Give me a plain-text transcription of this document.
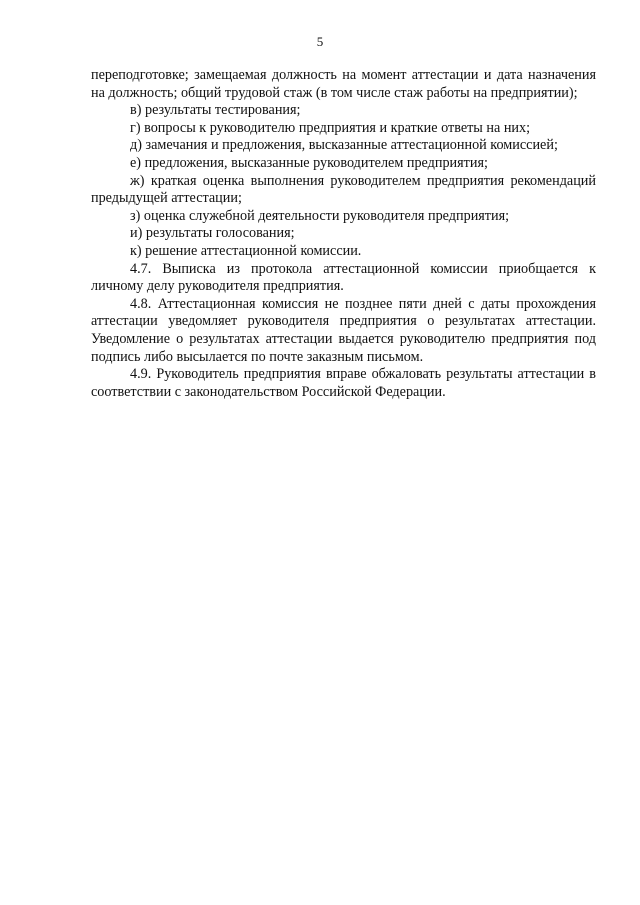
5

переподготовке; замещаемая должность на момент аттестации и дата назначения на должность; общий трудовой стаж (в том числе стаж работы на предприятии);

в) результаты тестирования;

г) вопросы к руководителю предприятия и краткие ответы на них;

д) замечания и предложения, высказанные аттестационной комиссией;

е) предложения, высказанные руководителем предприятия;

ж) краткая оценка выполнения руководителем предприятия рекомендаций предыдущей аттестации;

з) оценка служебной деятельности руководителя предприятия;

и) результаты голосования;

к) решение аттестационной комиссии.

4.7. Выписка из протокола аттестационной комиссии приобщается к личному делу руководителя предприятия.

4.8. Аттестационная комиссия не позднее пяти дней с даты прохождения аттестации уведомляет руководителя предприятия о результатах аттестации. Уведомление о результатах аттестации выдается руководителю предприятия под подпись либо высылается по почте заказным письмом.

4.9. Руководитель предприятия вправе обжаловать результаты аттестации в соответствии с законодательством Российской Федерации.
